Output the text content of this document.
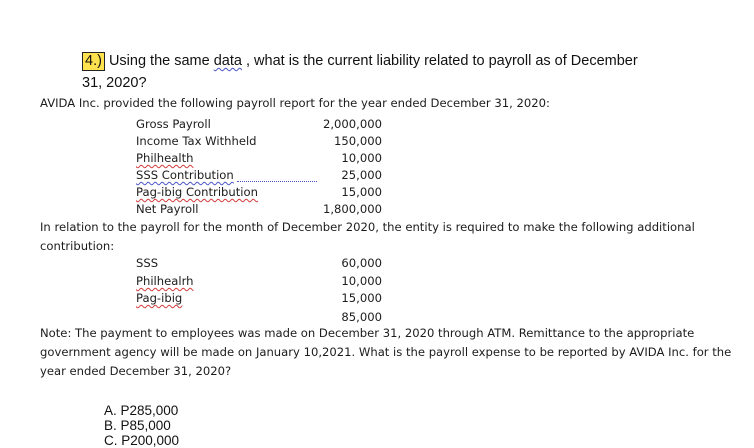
4.) Using the same data , what is the current liability related to payroll as of December
31, 2020?
AVIDA Inc. provided the following payroll report for the year ended December 31, 2020:
Gross Payroll	2,000,000
Income Tax Withheld	150,000
Philhealth	10,000
SSS Contribution	25,000
Pag-ibig Contribution	15,000
Net Payroll	1,800,000
In relation to the payroll for the month of December 2020, the entity is required to make the following additional contribution:
SSS	60,000
Philhealrh	10,000
Pag-ibig	15,000
85,000
Note: The payment to employees was made on December 31, 2020 through ATM. Remittance to the appropriate government agency will be made on January 10,2021. What is the payroll expense to be reported by AVIDA Inc. for the year ended December 31, 2020?
A. P285,000
B. P85,000
C. P200,000
